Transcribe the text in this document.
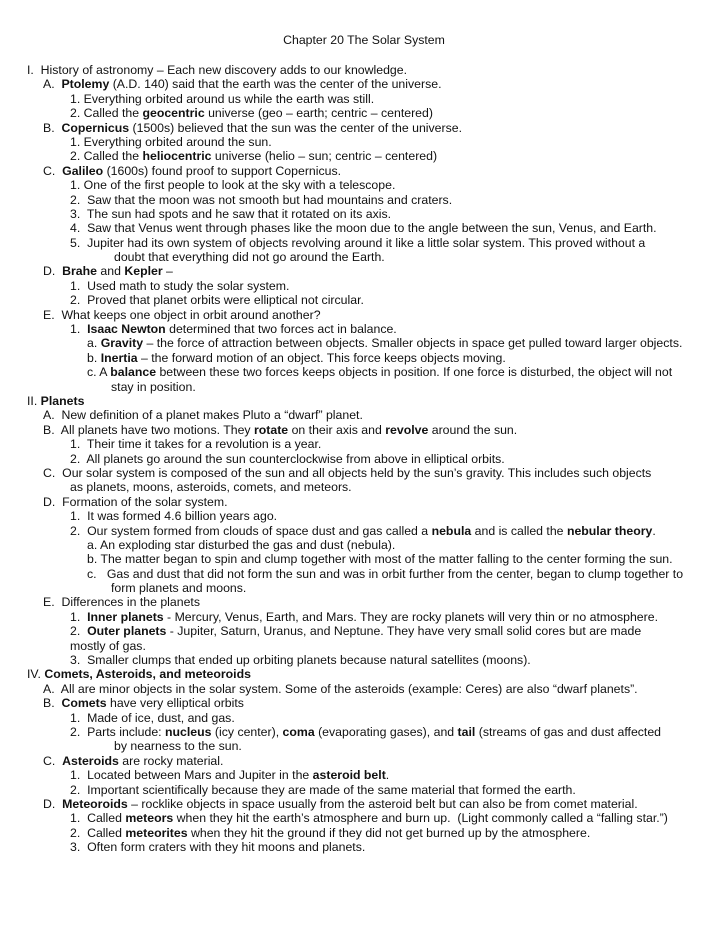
Chapter 20 The Solar System
I.  History of astronomy – Each new discovery adds to our knowledge.
A.  Ptolemy (A.D. 140) said that the earth was the center of the universe.
1. Everything orbited around us while the earth was still.
2. Called the geocentric universe (geo – earth; centric – centered)
B.  Copernicus (1500s) believed that the sun was the center of the universe.
1. Everything orbited around the sun.
2. Called the heliocentric universe (helio – sun; centric – centered)
C.  Galileo (1600s) found proof to support Copernicus.
1. One of the first people to look at the sky with a telescope.
2.  Saw that the moon was not smooth but had mountains and craters.
3.  The sun had spots and he saw that it rotated on its axis.
4.  Saw that Venus went through phases like the moon due to the angle between the sun, Venus, and Earth.
5.  Jupiter had its own system of objects revolving around it like a little solar system. This proved without a
doubt that everything did not go around the Earth.
D.  Brahe and Kepler –
1.  Used math to study the solar system.
2.  Proved that planet orbits were elliptical not circular.
E.  What keeps one object in orbit around another?
1.  Isaac Newton determined that two forces act in balance.
a. Gravity – the force of attraction between objects. Smaller objects in space get pulled toward larger objects.
b. Inertia – the forward motion of an object. This force keeps objects moving.
c. A balance between these two forces keeps objects in position. If one force is disturbed, the object will not
stay in position.
II. Planets
A.  New definition of a planet makes Pluto a “dwarf” planet.
B.  All planets have two motions. They rotate on their axis and revolve around the sun.
1.  Their time it takes for a revolution is a year.
2.  All planets go around the sun counterclockwise from above in elliptical orbits.
C.  Our solar system is composed of the sun and all objects held by the sun’s gravity. This includes such objects
as planets, moons, asteroids, comets, and meteors.
D.  Formation of the solar system.
1.  It was formed 4.6 billion years ago.
2.  Our system formed from clouds of space dust and gas called a nebula and is called the nebular theory.
a. An exploding star disturbed the gas and dust (nebula).
b. The matter began to spin and clump together with most of the matter falling to the center forming the sun.
c.   Gas and dust that did not form the sun and was in orbit further from the center, began to clump together to
form planets and moons.
E.  Differences in the planets
1.  Inner planets - Mercury, Venus, Earth, and Mars. They are rocky planets will very thin or no atmosphere.
2.  Outer planets - Jupiter, Saturn, Uranus, and Neptune. They have very small solid cores but are made
mostly of gas.
3.  Smaller clumps that ended up orbiting planets because natural satellites (moons).
IV. Comets, Asteroids, and meteoroids
A.  All are minor objects in the solar system. Some of the asteroids (example: Ceres) are also “dwarf planets”.
B.  Comets have very elliptical orbits
1.  Made of ice, dust, and gas.
2.  Parts include: nucleus (icy center), coma (evaporating gases), and tail (streams of gas and dust affected
by nearness to the sun.
C.  Asteroids are rocky material.
1.  Located between Mars and Jupiter in the asteroid belt.
2.  Important scientifically because they are made of the same material that formed the earth.
D.  Meteoroids – rocklike objects in space usually from the asteroid belt but can also be from comet material.
1.  Called meteors when they hit the earth’s atmosphere and burn up.  (Light commonly called a “falling star.”)
2.  Called meteorites when they hit the ground if they did not get burned up by the atmosphere.
3.  Often form craters with they hit moons and planets.
